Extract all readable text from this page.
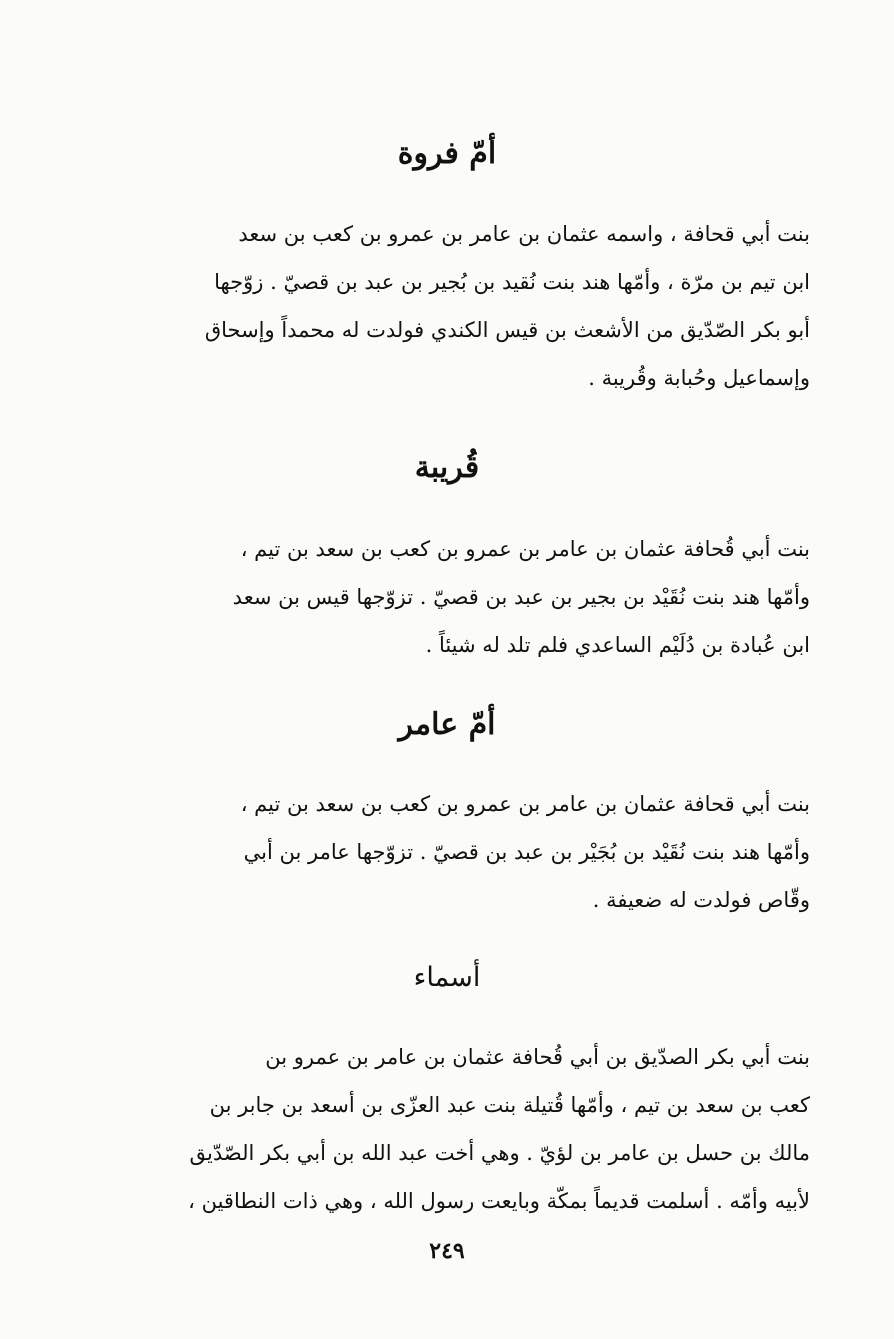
أمّ فروة
بنت أبي قحافة ، واسمه عثمان بن عامر بن عمرو بن كعب بن سعد
ابن تيم بن مرّة ، وأمّها هند بنت نُقيد بن بُجير بن عبد بن قصيّ . زوّجها
أبو بكر الصّدّيق من الأشعث بن قيس الكندي فولدت له محمداً وإسحاق
وإسماعيل وحُبابة وقُريبة .
قُريبة
بنت أبي قُحافة عثمان بن عامر بن عمرو بن كعب بن سعد بن تيم ،
وأمّها هند بنت نُقَيْد بن بجير بن عبد بن قصيّ . تزوّجها قيس بن سعد
ابن عُبادة بن دُلَيْم الساعدي فلم تلد له شيئاً .
أمّ عامر
بنت أبي قحافة عثمان بن عامر بن عمرو بن كعب بن سعد بن تيم ،
وأمّها هند بنت نُقَيْد بن بُجَيْر بن عبد بن قصيّ . تزوّجها عامر بن أبي
وقّاص فولدت له ضعيفة .
أسماء
بنت أبي بكر الصدّيق بن أبي قُحافة عثمان بن عامر بن عمرو بن
كعب بن سعد بن تيم ، وأمّها قُتيلة بنت عبد العزّى بن أسعد بن جابر بن
مالك بن حسل بن عامر بن لؤيّ . وهي أخت عبد الله بن أبي بكر الصّدّيق
لأبيه وأمّه . أسلمت قديماً بمكّة وبايعت رسول الله ، وهي ذات النطاقين ،
٢٤٩
